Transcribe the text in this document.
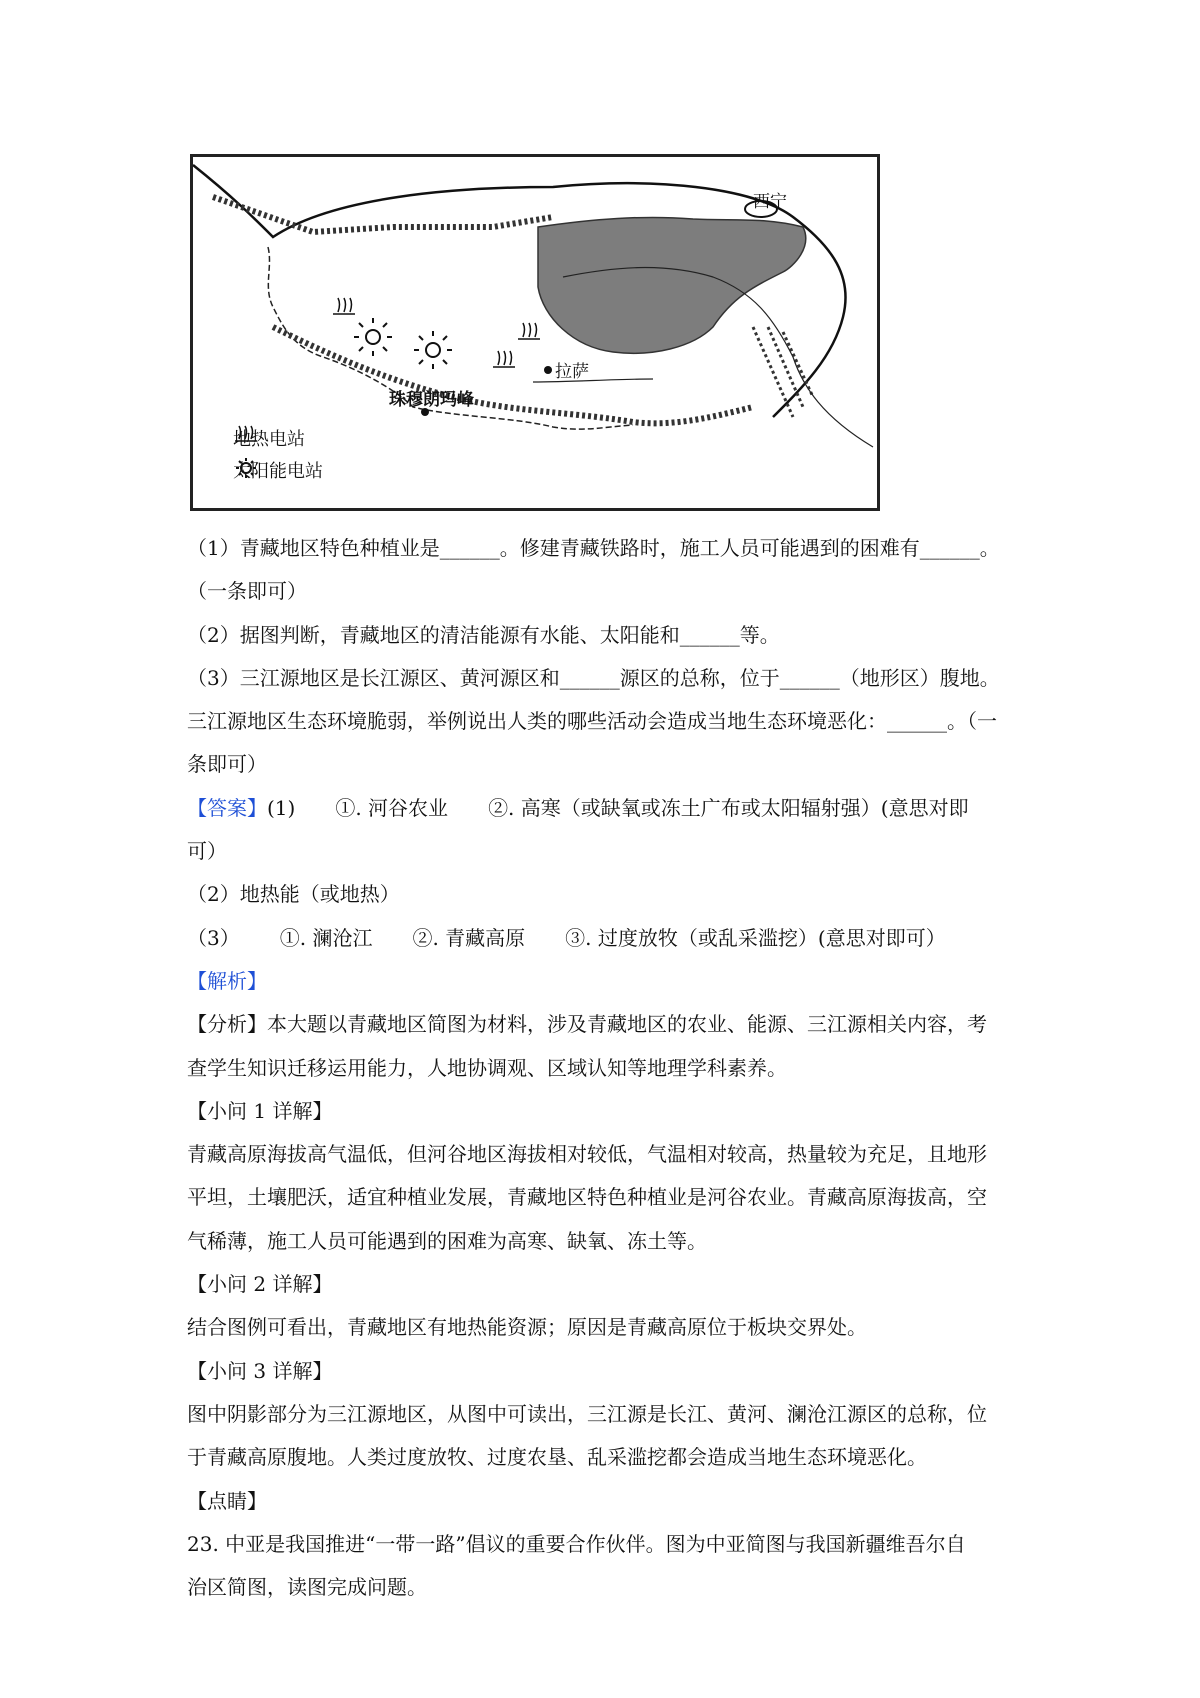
西宁
拉萨
珠穆朗玛峰
地热电站
太阳能电站
（1）青藏地区特色种植业是______。修建青藏铁路时，施工人员可能遇到的困难有______。
（一条即可）
（2）据图判断，青藏地区的清洁能源有水能、太阳能和______等。
（3）三江源地区是长江源区、黄河源区和______源区的总称，位于______（地形区）腹地。
三江源地区生态环境脆弱，举例说出人类的哪些活动会造成当地生态环境恶化：______。（一
条即可）
【答案】(1) ①. 河谷农业 ②. 高寒（或缺氧或冻土广布或太阳辐射强）(意思对即
可）
（2）地热能（或地热）
（3） ①. 澜沧江 ②. 青藏高原 ③. 过度放牧（或乱采滥挖）(意思对即可）
【解析】
【分析】本大题以青藏地区简图为材料，涉及青藏地区的农业、能源、三江源相关内容，考
查学生知识迁移运用能力，人地协调观、区域认知等地理学科素养。
【小问 1 详解】
青藏高原海拔高气温低，但河谷地区海拔相对较低，气温相对较高，热量较为充足，且地形
平坦，土壤肥沃，适宜种植业发展，青藏地区特色种植业是河谷农业。青藏高原海拔高，空
气稀薄，施工人员可能遇到的困难为高寒、缺氧、冻土等。
【小问 2 详解】
结合图例可看出，青藏地区有地热能资源；原因是青藏高原位于板块交界处。
【小问 3 详解】
图中阴影部分为三江源地区，从图中可读出，三江源是长江、黄河、澜沧江源区的总称，位
于青藏高原腹地。人类过度放牧、过度农垦、乱采滥挖都会造成当地生态环境恶化。
【点睛】
23. 中亚是我国推进“一带一路”倡议的重要合作伙伴。图为中亚简图与我国新疆维吾尔自
治区简图，读图完成问题。
